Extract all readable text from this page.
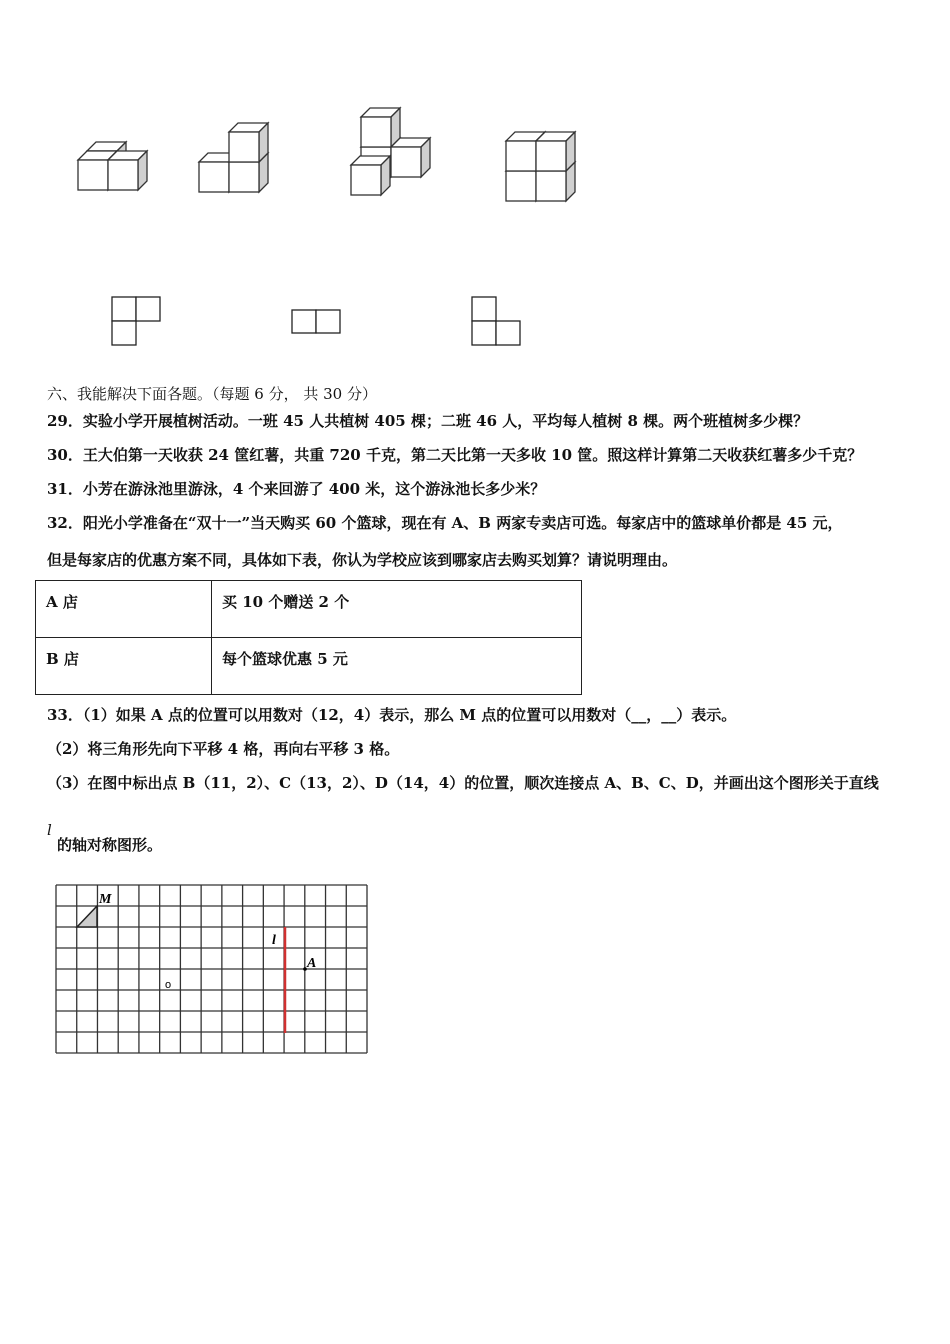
六、我能解决下面各题。（每题 6 分， 共 30 分）
29．实验小学开展植树活动。一班 45 人共植树 405 棵；二班 46 人，平均每人植树 8 棵。两个班植树多少棵？
30．王大伯第一天收获 24 筐红薯，共重 720 千克，第二天比第一天多收 10 筐。照这样计算第二天收获红薯多少千克？
31．小芳在游泳池里游泳，4 个来回游了 400 米，这个游泳池长多少米？
32．阳光小学准备在“双十一”当天购买 60 个篮球，现在有 A、B 两家专卖店可选。每家店中的篮球单价都是 45 元，
但是每家店的优惠方案不同，具体如下表，你认为学校应该到哪家店去购买划算？请说明理由。
A 店	买 10 个赠送 2 个
B 店	每个篮球优惠 5 元
33．（1）如果 A 点的位置可以用数对（12，4）表示，那么 M 点的位置可以用数对（__，__）表示。
（2）将三角形先向下平移 4 格，再向右平移 3 格。
（3）在图中标出点 B（11，2）、C（13，2）、D（14，4）的位置，顺次连接点 A、B、C、D，并画出这个图形关于直线
l
的轴对称图形。
M
A
l
o
